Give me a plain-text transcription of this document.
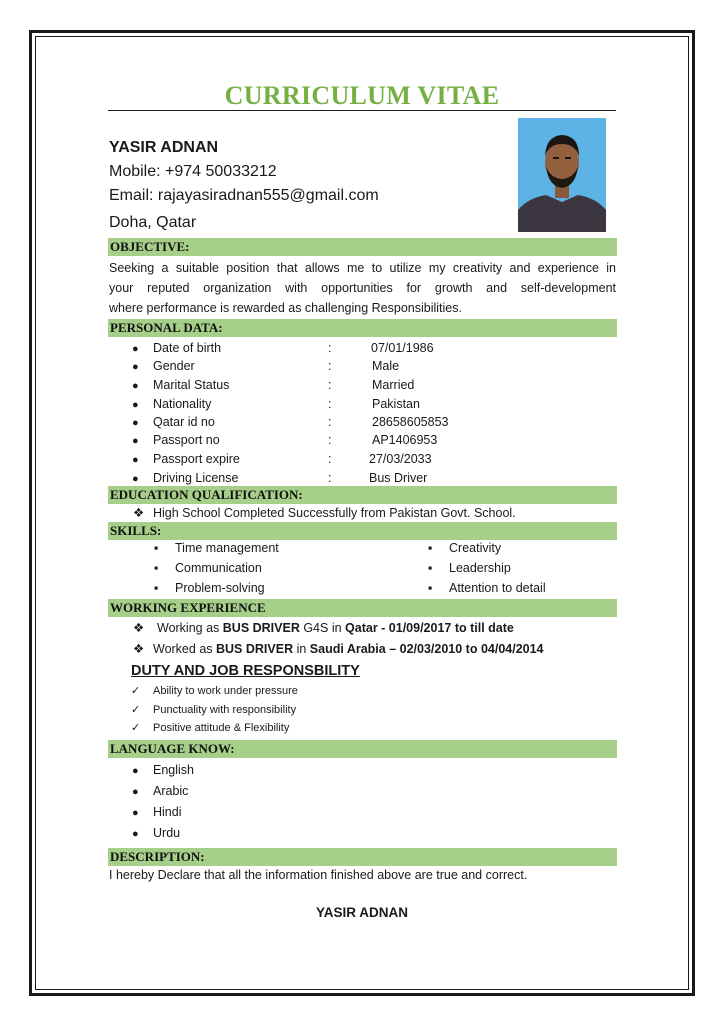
CURRICULUM VITAE
YASIR ADNAN
Mobile: +974 50033212
Email: rajayasiradnan555@gmail.com
Doha, Qatar
OBJECTIVE:
Seeking a suitable position that allows me to utilize my creativity and experience in
your reputed organization with opportunities for growth and self-development
where performance is rewarded as challenging Responsibilities.
PERSONAL DATA:
● Date of birth	:	07/01/1986
● Gender	:	Male
● Marital Status	:	Married
● Nationality	:	Pakistan
● Qatar id no	:	28658605853
● Passport no	:	AP1406953
● Passport expire	:	27/03/2033
● Driving License	:	Bus Driver
EDUCATION QUALIFICATION:
❖ High School Completed Successfully from Pakistan Govt. School.
SKILLS:
▪ Time management
▪ Communication
▪ Problem-solving
▪ Creativity
▪ Leadership
▪ Attention to detail
WORKING EXPERIENCE
❖ Working as BUS DRIVER G4S in Qatar - 01/09/2017 to till date
❖ Worked as BUS DRIVER in Saudi Arabia – 02/03/2010 to 04/04/2014
DUTY AND JOB RESPONSBILITY
✓ Ability to work under pressure
✓ Punctuality with responsibility
✓ Positive attitude & Flexibility
LANGUAGE KNOW:
● English
● Arabic
● Hindi
● Urdu
DESCRIPTION:
I hereby Declare that all the information finished above are true and correct.
YASIR ADNAN
